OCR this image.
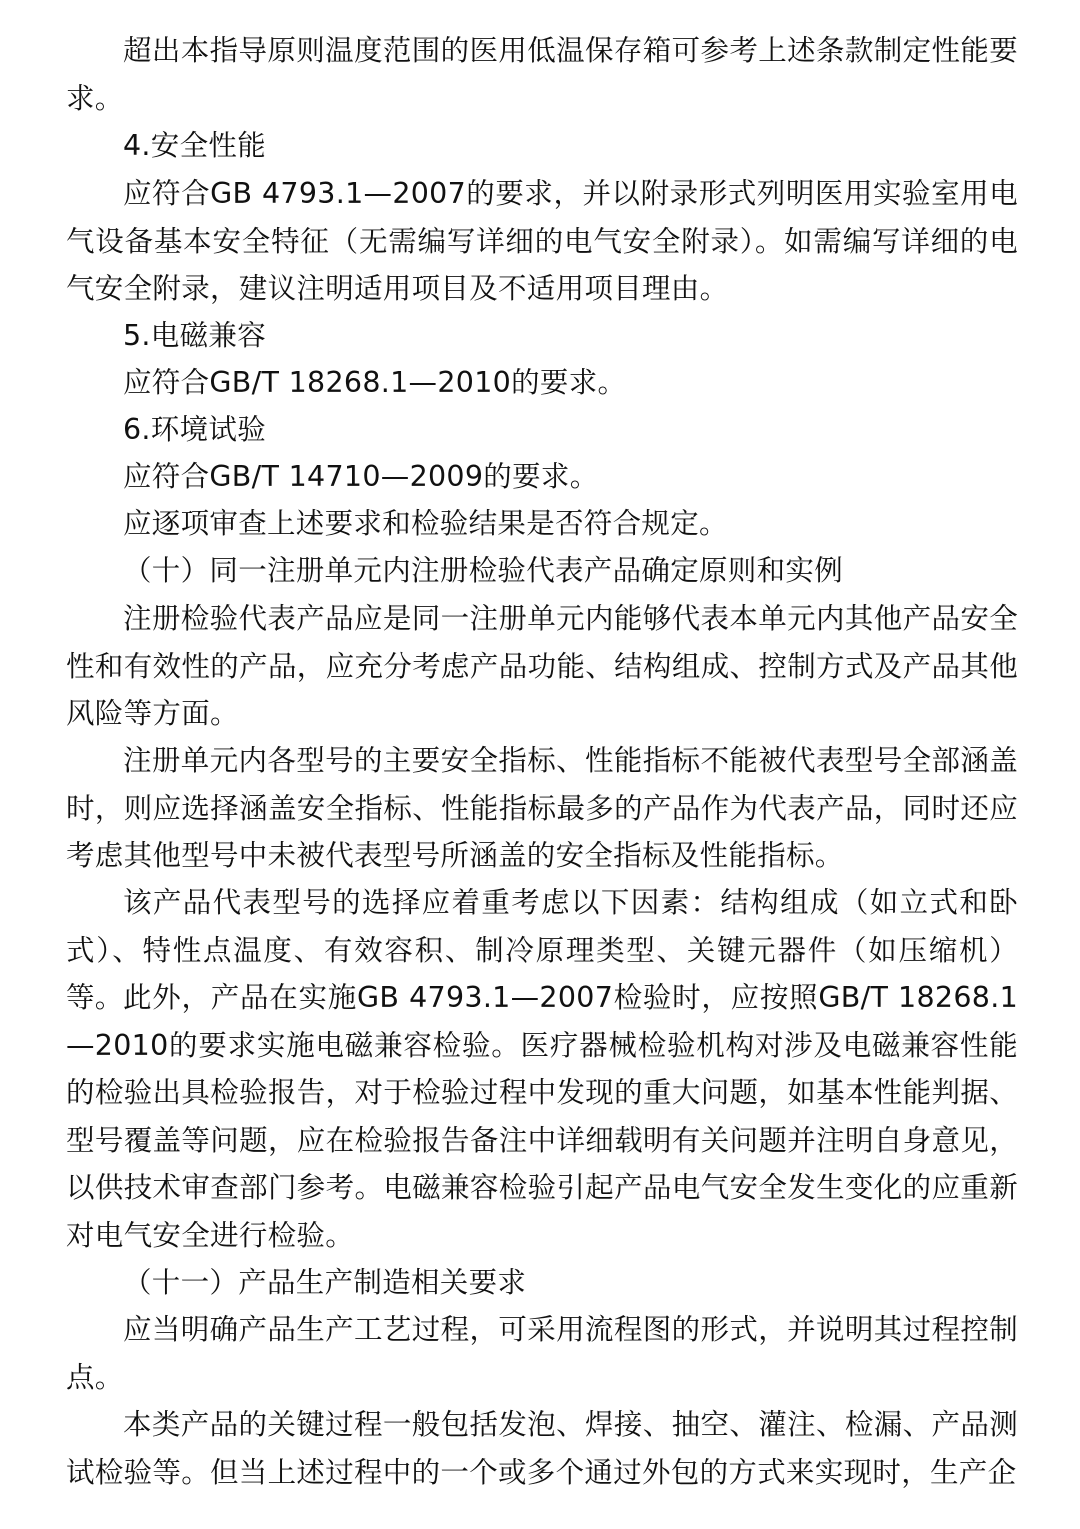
超出本指导原则温度范围的医用低温保存箱可参考上述条款制定性能要求。

4.安全性能

应符合GB 4793.1—2007的要求，并以附录形式列明医用实验室用电气设备基本安全特征（无需编写详细的电气安全附录）。如需编写详细的电气安全附录，建议注明适用项目及不适用项目理由。

5.电磁兼容

应符合GB/T 18268.1—2010的要求。

6.环境试验

应符合GB/T 14710—2009的要求。

应逐项审查上述要求和检验结果是否符合规定。

（十）同一注册单元内注册检验代表产品确定原则和实例

注册检验代表产品应是同一注册单元内能够代表本单元内其他产品安全性和有效性的产品，应充分考虑产品功能、结构组成、控制方式及产品其他风险等方面。

注册单元内各型号的主要安全指标、性能指标不能被代表型号全部涵盖时，则应选择涵盖安全指标、性能指标最多的产品作为代表产品，同时还应考虑其他型号中未被代表型号所涵盖的安全指标及性能指标。

该产品代表型号的选择应着重考虑以下因素：结构组成（如立式和卧式）、特性点温度、有效容积、制冷原理类型、关键元器件（如压缩机）等。 此外，产品在实施GB 4793.1—2007检验时，应按照GB/T 18268.1—2010的要求实施电磁兼容检验。医疗器械检验机构对涉及电磁兼容性能的检验出具检验报告，对于检验过程中发现的重大问题，如基本性能判据、型号覆盖等问题，应在检验报告备注中详细载明有关问题并注明自身意见，以供技术审查部门参考。电磁兼容检验引起产品电气安全发生变化的应重新对电气安全进行检验。

（十一）产品生产制造相关要求

应当明确产品生产工艺过程，可采用流程图的形式，并说明其过程控制点。

本类产品的关键过程一般包括发泡、焊接、抽空、灌注、检漏、产品测试检验等。但当上述过程中的一个或多个通过外包的方式来实现时，生产企
